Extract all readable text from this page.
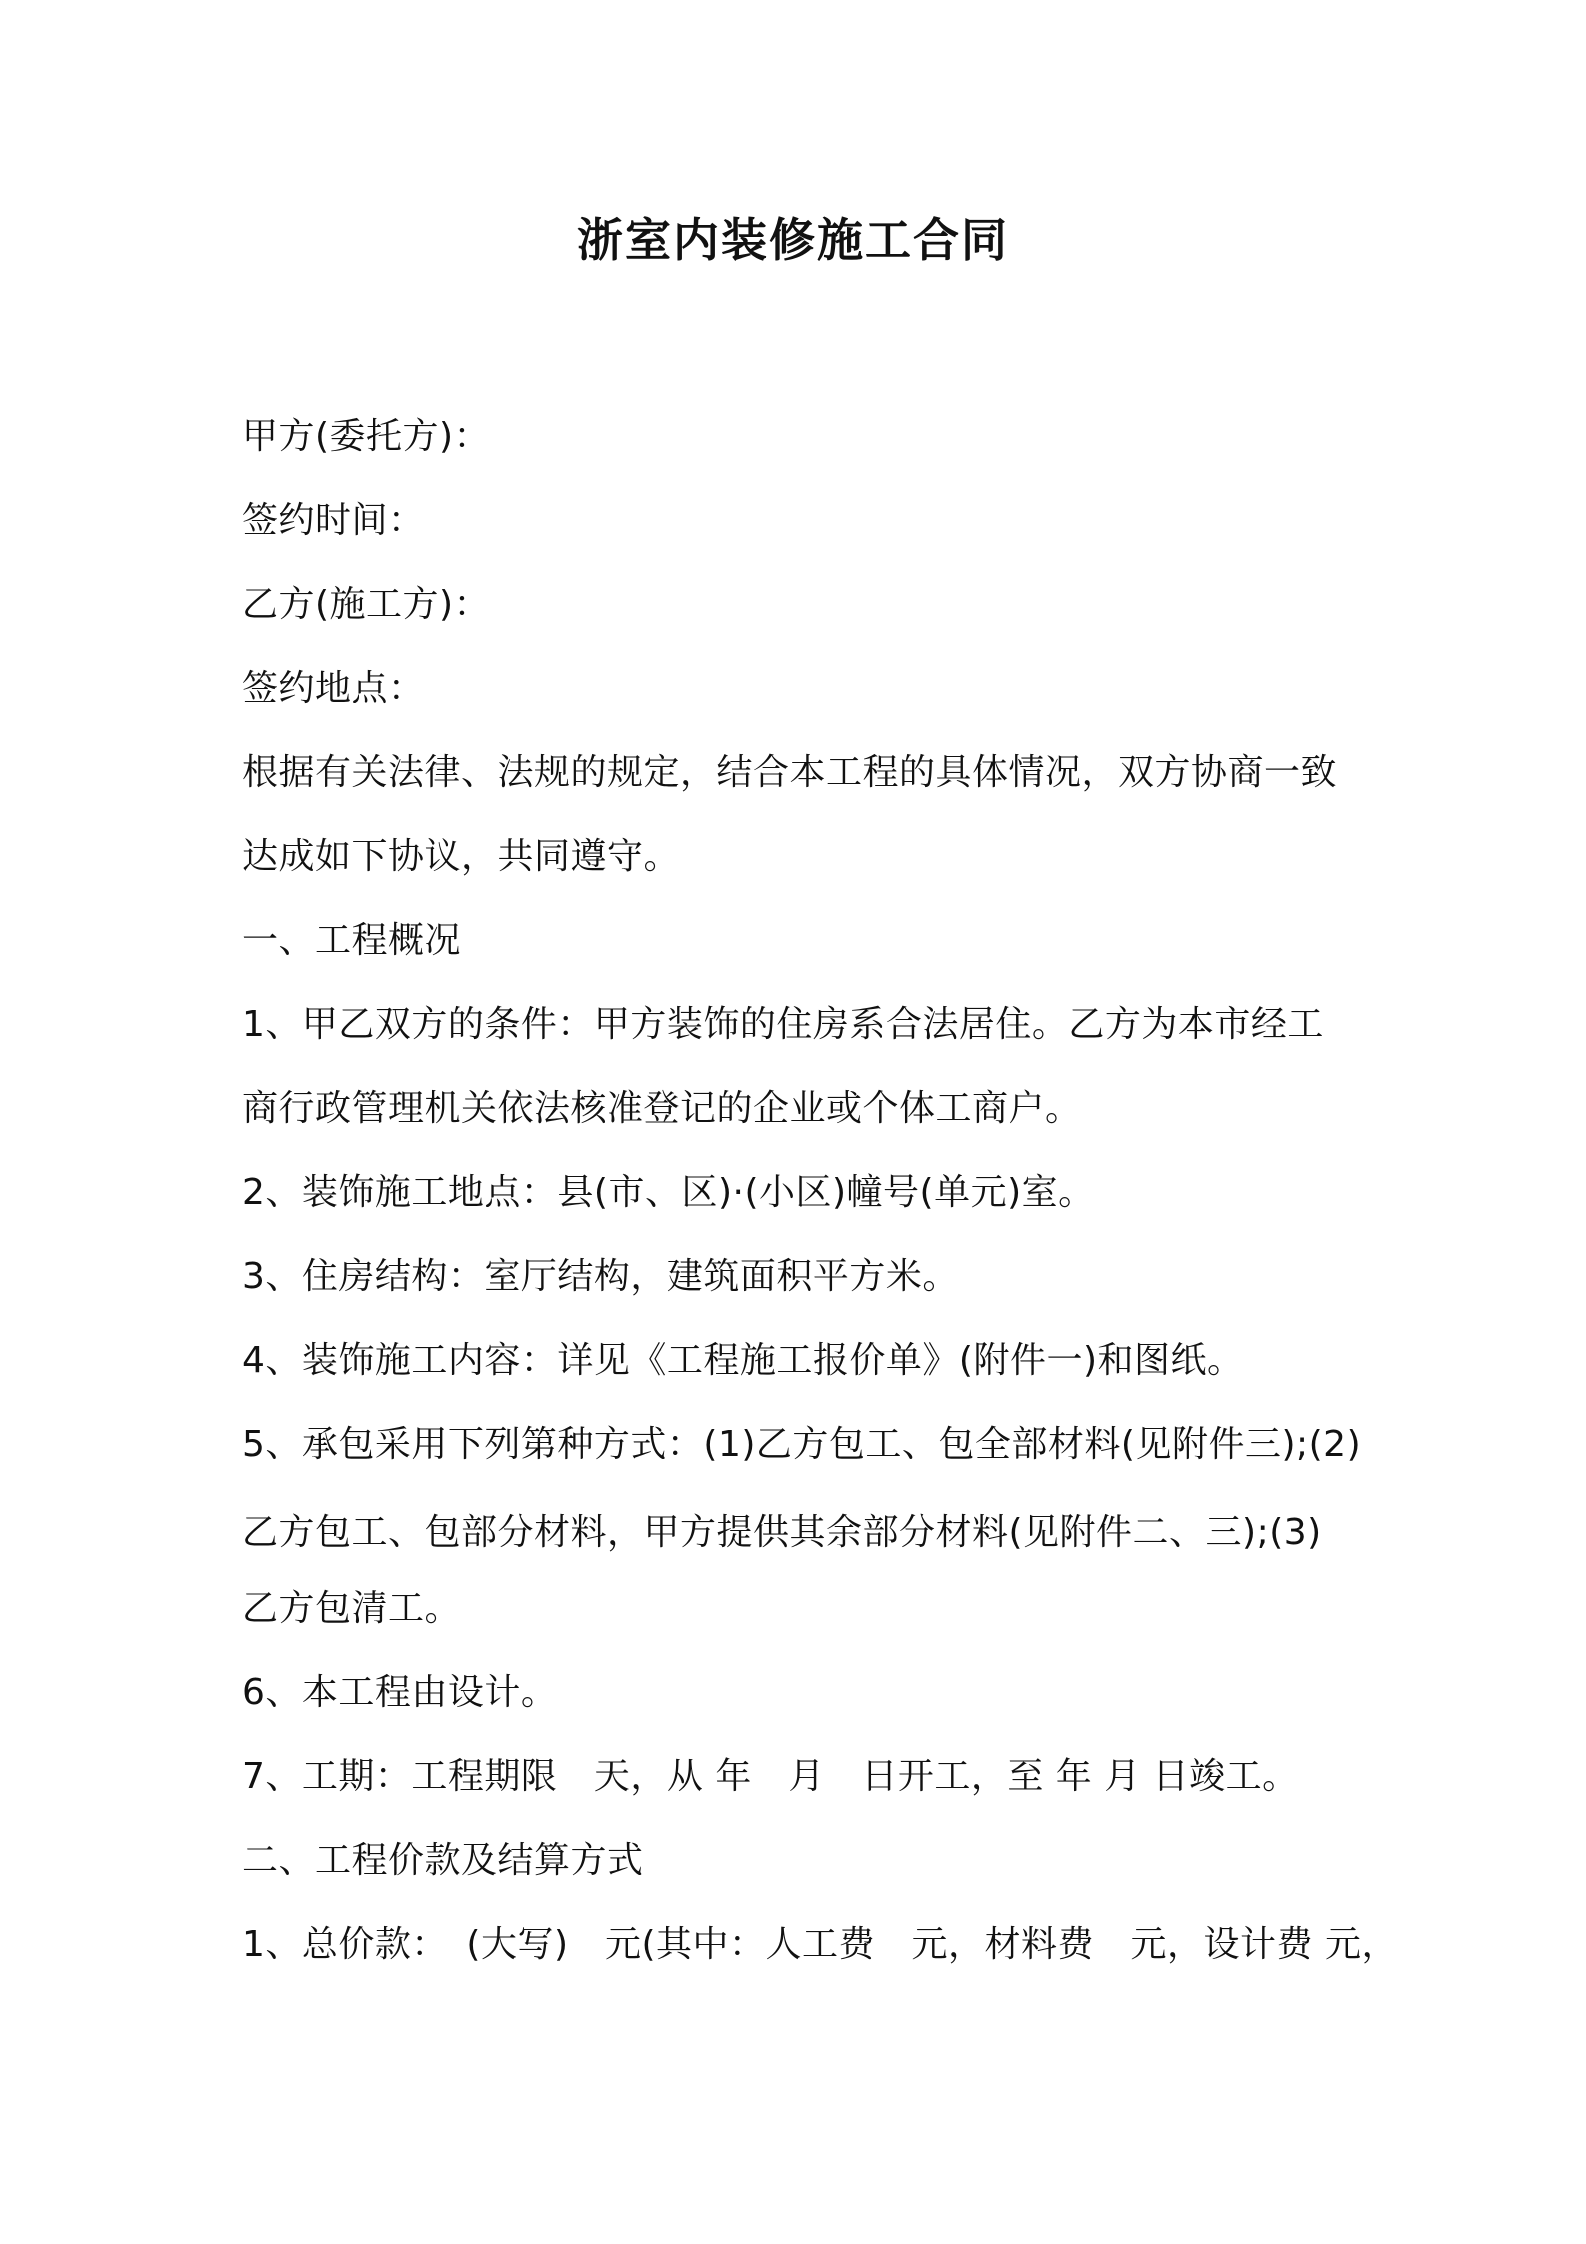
浙室内装修施工合同
甲方(委托方)：
签约时间：
乙方(施工方)：
签约地点：
根据有关法律、法规的规定，结合本工程的具体情况，双方协商一致
达成如下协议，共同遵守。
一、工程概况
1、甲乙双方的条件：甲方装饰的住房系合法居住。乙方为本市经工
商行政管理机关依法核准登记的企业或个体工商户。
2、装饰施工地点：县(市、区)·(小区)幢号(单元)室。
3、住房结构：室厅结构，建筑面积平方米。
4、装饰施工内容：详见《工程施工报价单》(附件一)和图纸。
5、承包采用下列第种方式：(1)乙方包工、包全部材料(见附件三);(2)
乙方包工、包部分材料，甲方提供其余部分材料(见附件二、三);(3)
乙方包清工。
6、本工程由设计。
7、工期：工程期限　天，从 年　月　日开工，至 年 月 日竣工。
二、工程价款及结算方式
1、总价款：　(大写)　元(其中：人工费　元，材料费　元，设计费 元，
